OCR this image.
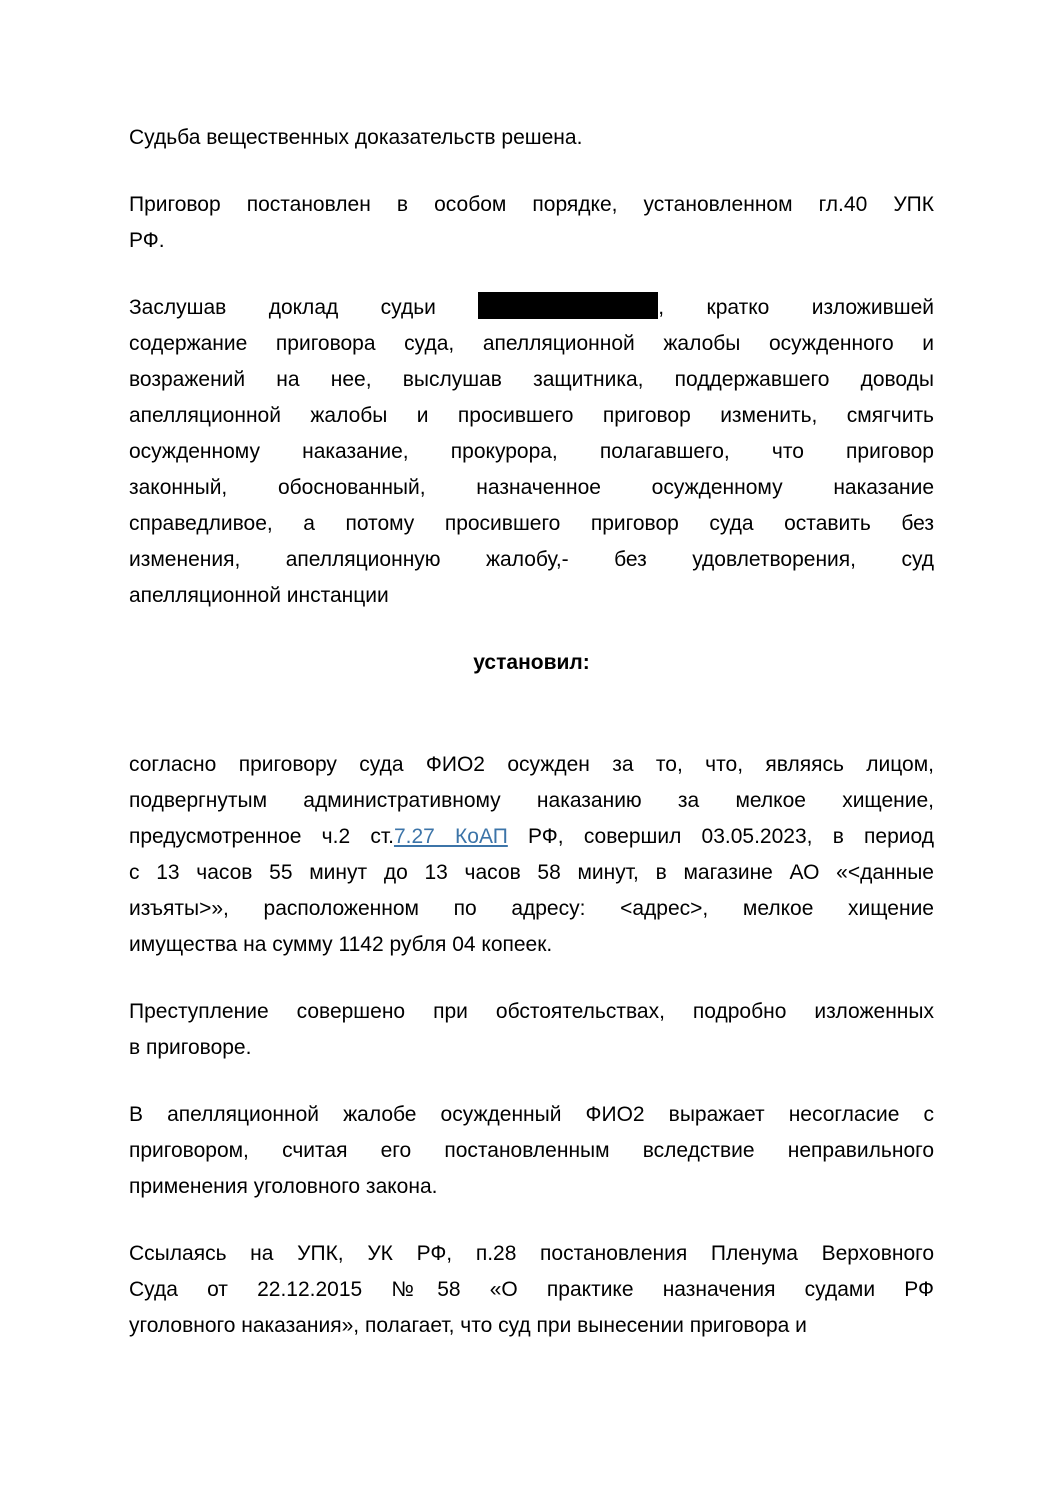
Судьба вещественных доказательств решена.
Приговор постановлен в особом порядке, установленном гл.40 УПК
РФ.
Заслушав доклад судьи	, кратко изложившей
содержание приговора суда, апелляционной жалобы осужденного и
возражений на нее, выслушав защитника, поддержавшего доводы
апелляционной жалобы и просившего приговор изменить, смягчить
осужденному наказание, прокурора, полагавшего, что приговор
законный, обоснованный, назначенное осужденному наказание
справедливое, а потому просившего приговор суда оставить без
изменения, апелляционную жалобу,- без удовлетворения, суд
апелляционной инстанции
установил:
согласно приговору суда ФИО2 осужден за то, что, являясь лицом,
подвергнутым административному наказанию за мелкое хищение,
предусмотренное ч.2 ст.7.27 КоАП РФ, совершил 03.05.2023, в период
с 13 часов 55 минут до 13 часов 58 минут, в магазине АО «<данные
изъяты>», расположенном по адресу: <адрес>, мелкое хищение
имущества на сумму 1142 рубля 04 копеек.
Преступление совершено при обстоятельствах, подробно изложенных
в приговоре.
В апелляционной жалобе осужденный ФИО2 выражает несогласие с
приговором, считая его постановленным вследствие неправильного
применения уголовного закона.
Ссылаясь на УПК, УК РФ, п.28 постановления Пленума Верховного
Суда от 22.12.2015 №58 «О практике назначения судами РФ
уголовного наказания», полагает, что суд при вынесении приговора и
